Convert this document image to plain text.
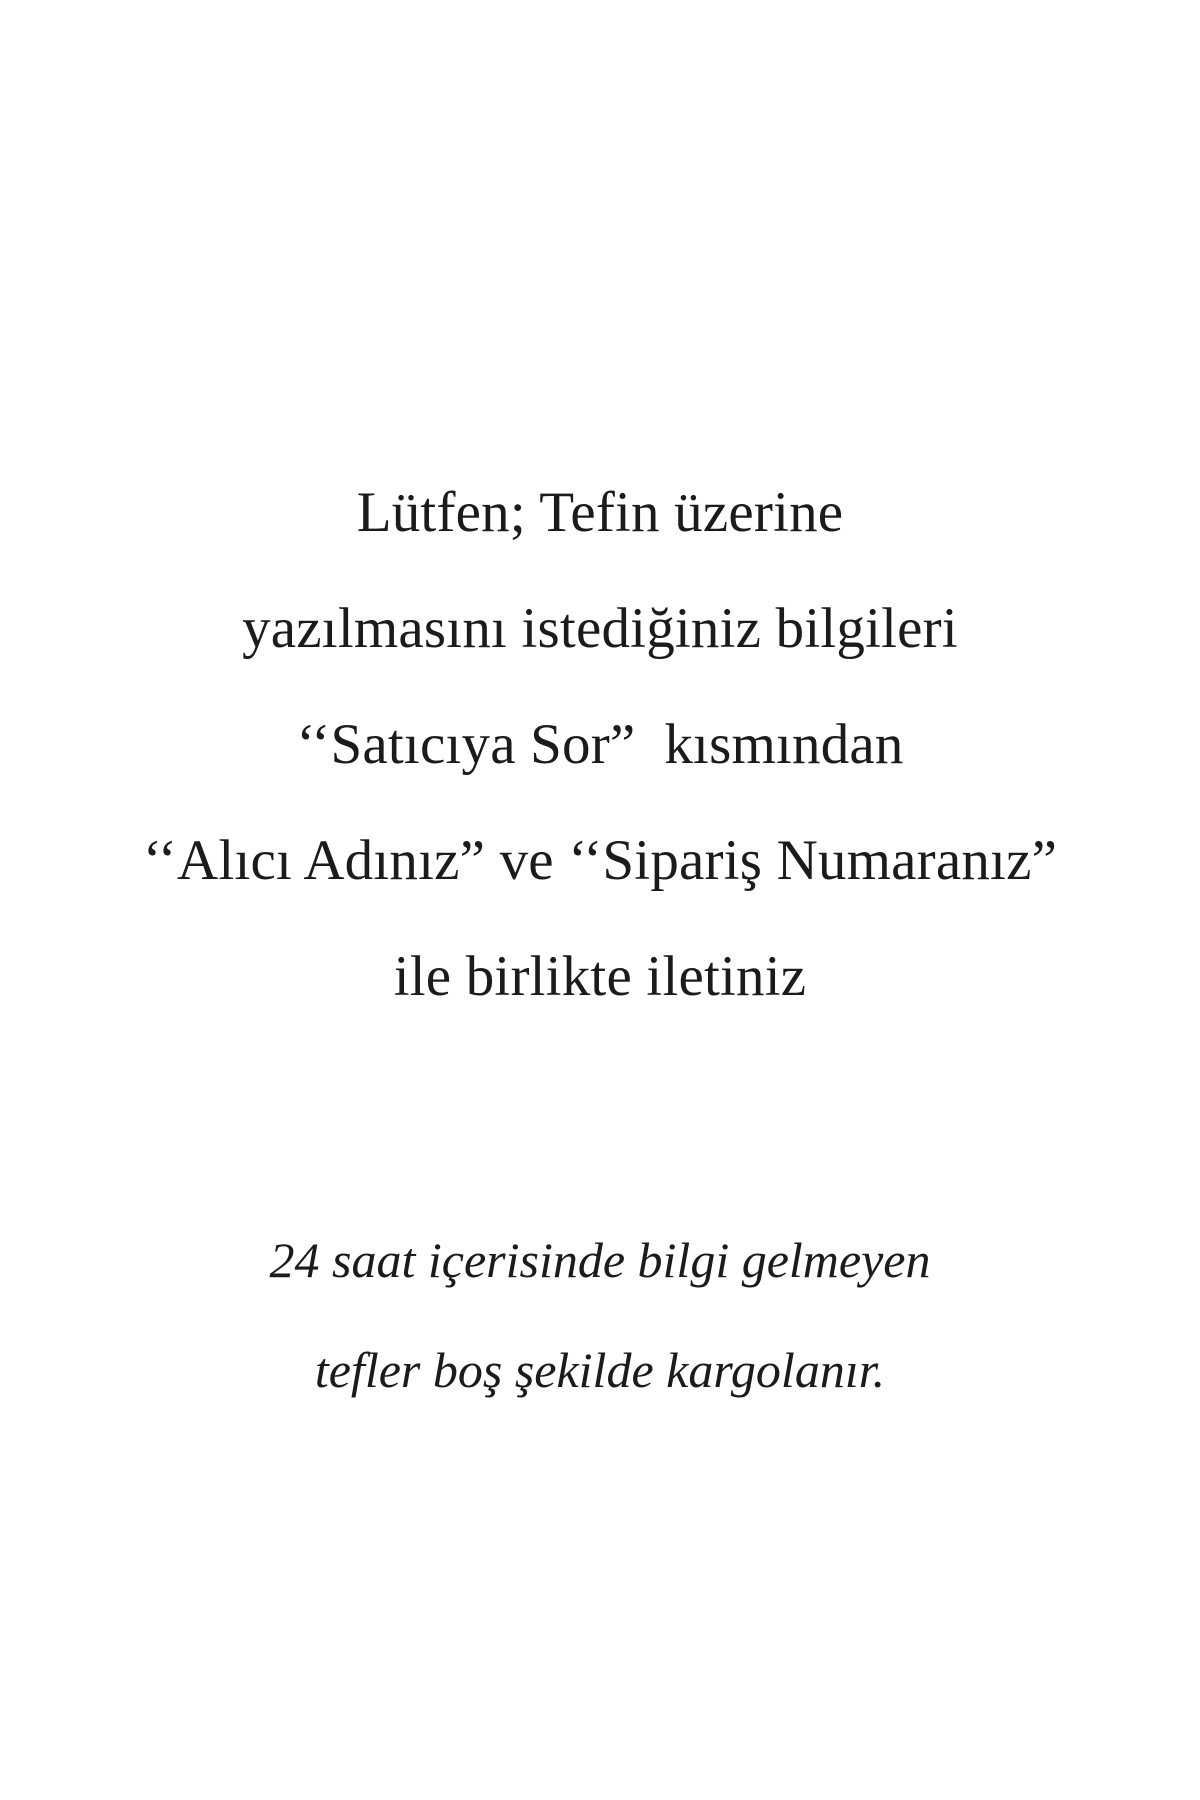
Lütfen; Tefin üzerine
yazılmasını istediğiniz bilgileri
‘‘Satıcıya Sor”  kısmından
‘‘Alıcı Adınız” ve ‘‘Sipariş Numaranız”
ile birlikte iletiniz
24 saat içerisinde bilgi gelmeyen
tefler boş şekilde kargolanır.
